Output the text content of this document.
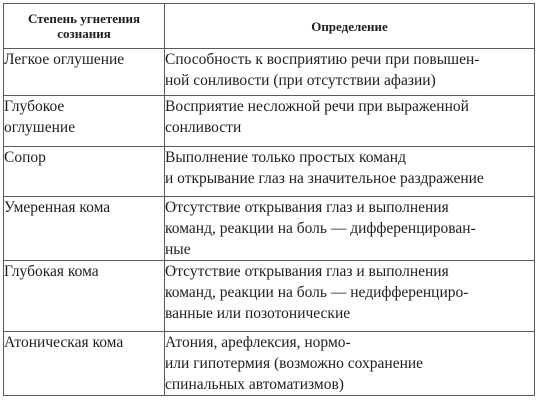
Степень угнетения
сознания	Определение

Легкое оглушение	Способность к восприятию речи при повышен-
ной сонливости (при отсутствии афазии)

Глубокое
оглушение	Восприятие несложной речи при выраженной
сонливости

Сопор	Выполнение только простых команд
и открывание глаз на значительное раздражение

Умеренная кома	Отсутствие открывания глаз и выполнения
команд, реакции на боль — дифференцирован-
ные

Глубокая кома	Отсутствие открывания глаз и выполнения
команд, реакции на боль — недифференциро-
ванные или позотонические

Атоническая кома	Атония, арефлексия, нормо-
или гипотермия (возможно сохранение
спинальных автоматизмов)
